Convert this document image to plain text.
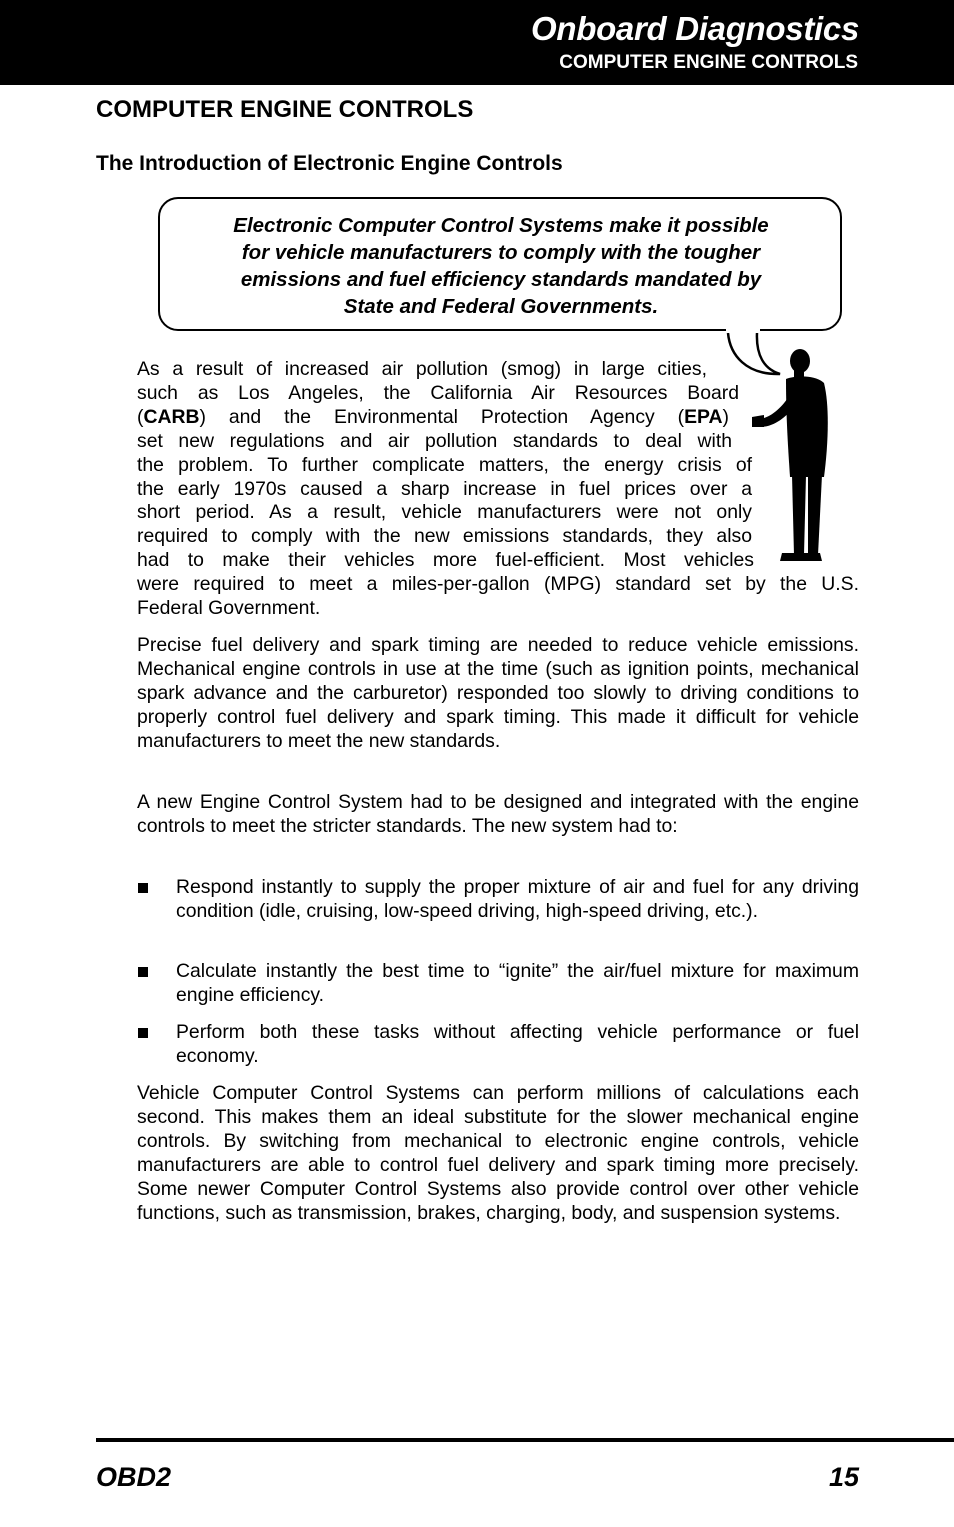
Onboard Diagnostics
COMPUTER ENGINE CONTROLS
COMPUTER ENGINE CONTROLS
The Introduction of Electronic Engine Controls
Electronic Computer Control Systems make it possible
for vehicle manufacturers to comply with the tougher
emissions and fuel efficiency standards mandated by
State and Federal Governments.
As a result of increased air pollution (smog) in large cities,
such as Los Angeles, the California Air Resources Board
(CARB) and the Environmental Protection Agency (EPA)
set new regulations and air pollution standards to deal with
the problem. To further complicate matters, the energy crisis of
the early 1970s caused a sharp increase in fuel prices over a
short period. As a result, vehicle manufacturers were not only
required to comply with the new emissions standards, they also
had to make their vehicles more fuel-efficient. Most vehicles
were required to meet a miles-per-gallon (MPG) standard set by the U.S.
Federal Government.

Precise fuel delivery and spark timing are needed to reduce vehicle emissions. Mechanical engine controls in use at the time (such as ignition points, mechanical spark advance and the carburetor) responded too slowly to driving conditions to properly control fuel delivery and spark timing. This made it difficult for vehicle manufacturers to meet the new standards.

A new Engine Control System had to be designed and integrated with the engine controls to meet the stricter standards. The new system had to:

Respond instantly to supply the proper mixture of air and fuel for any driving condition (idle, cruising, low-speed driving, high-speed driving, etc.).
Calculate instantly the best time to “ignite” the air/fuel mixture for maximum engine efficiency.
Perform both these tasks without affecting vehicle performance or fuel economy.

Vehicle Computer Control Systems can perform millions of calculations each second. This makes them an ideal substitute for the slower mechanical engine controls. By switching from mechanical to electronic engine controls, vehicle manufacturers are able to control fuel delivery and spark timing more precisely. Some newer Computer Control Systems also provide control over other vehicle functions, such as transmission, brakes, charging, body, and suspension systems.

OBD2	15
